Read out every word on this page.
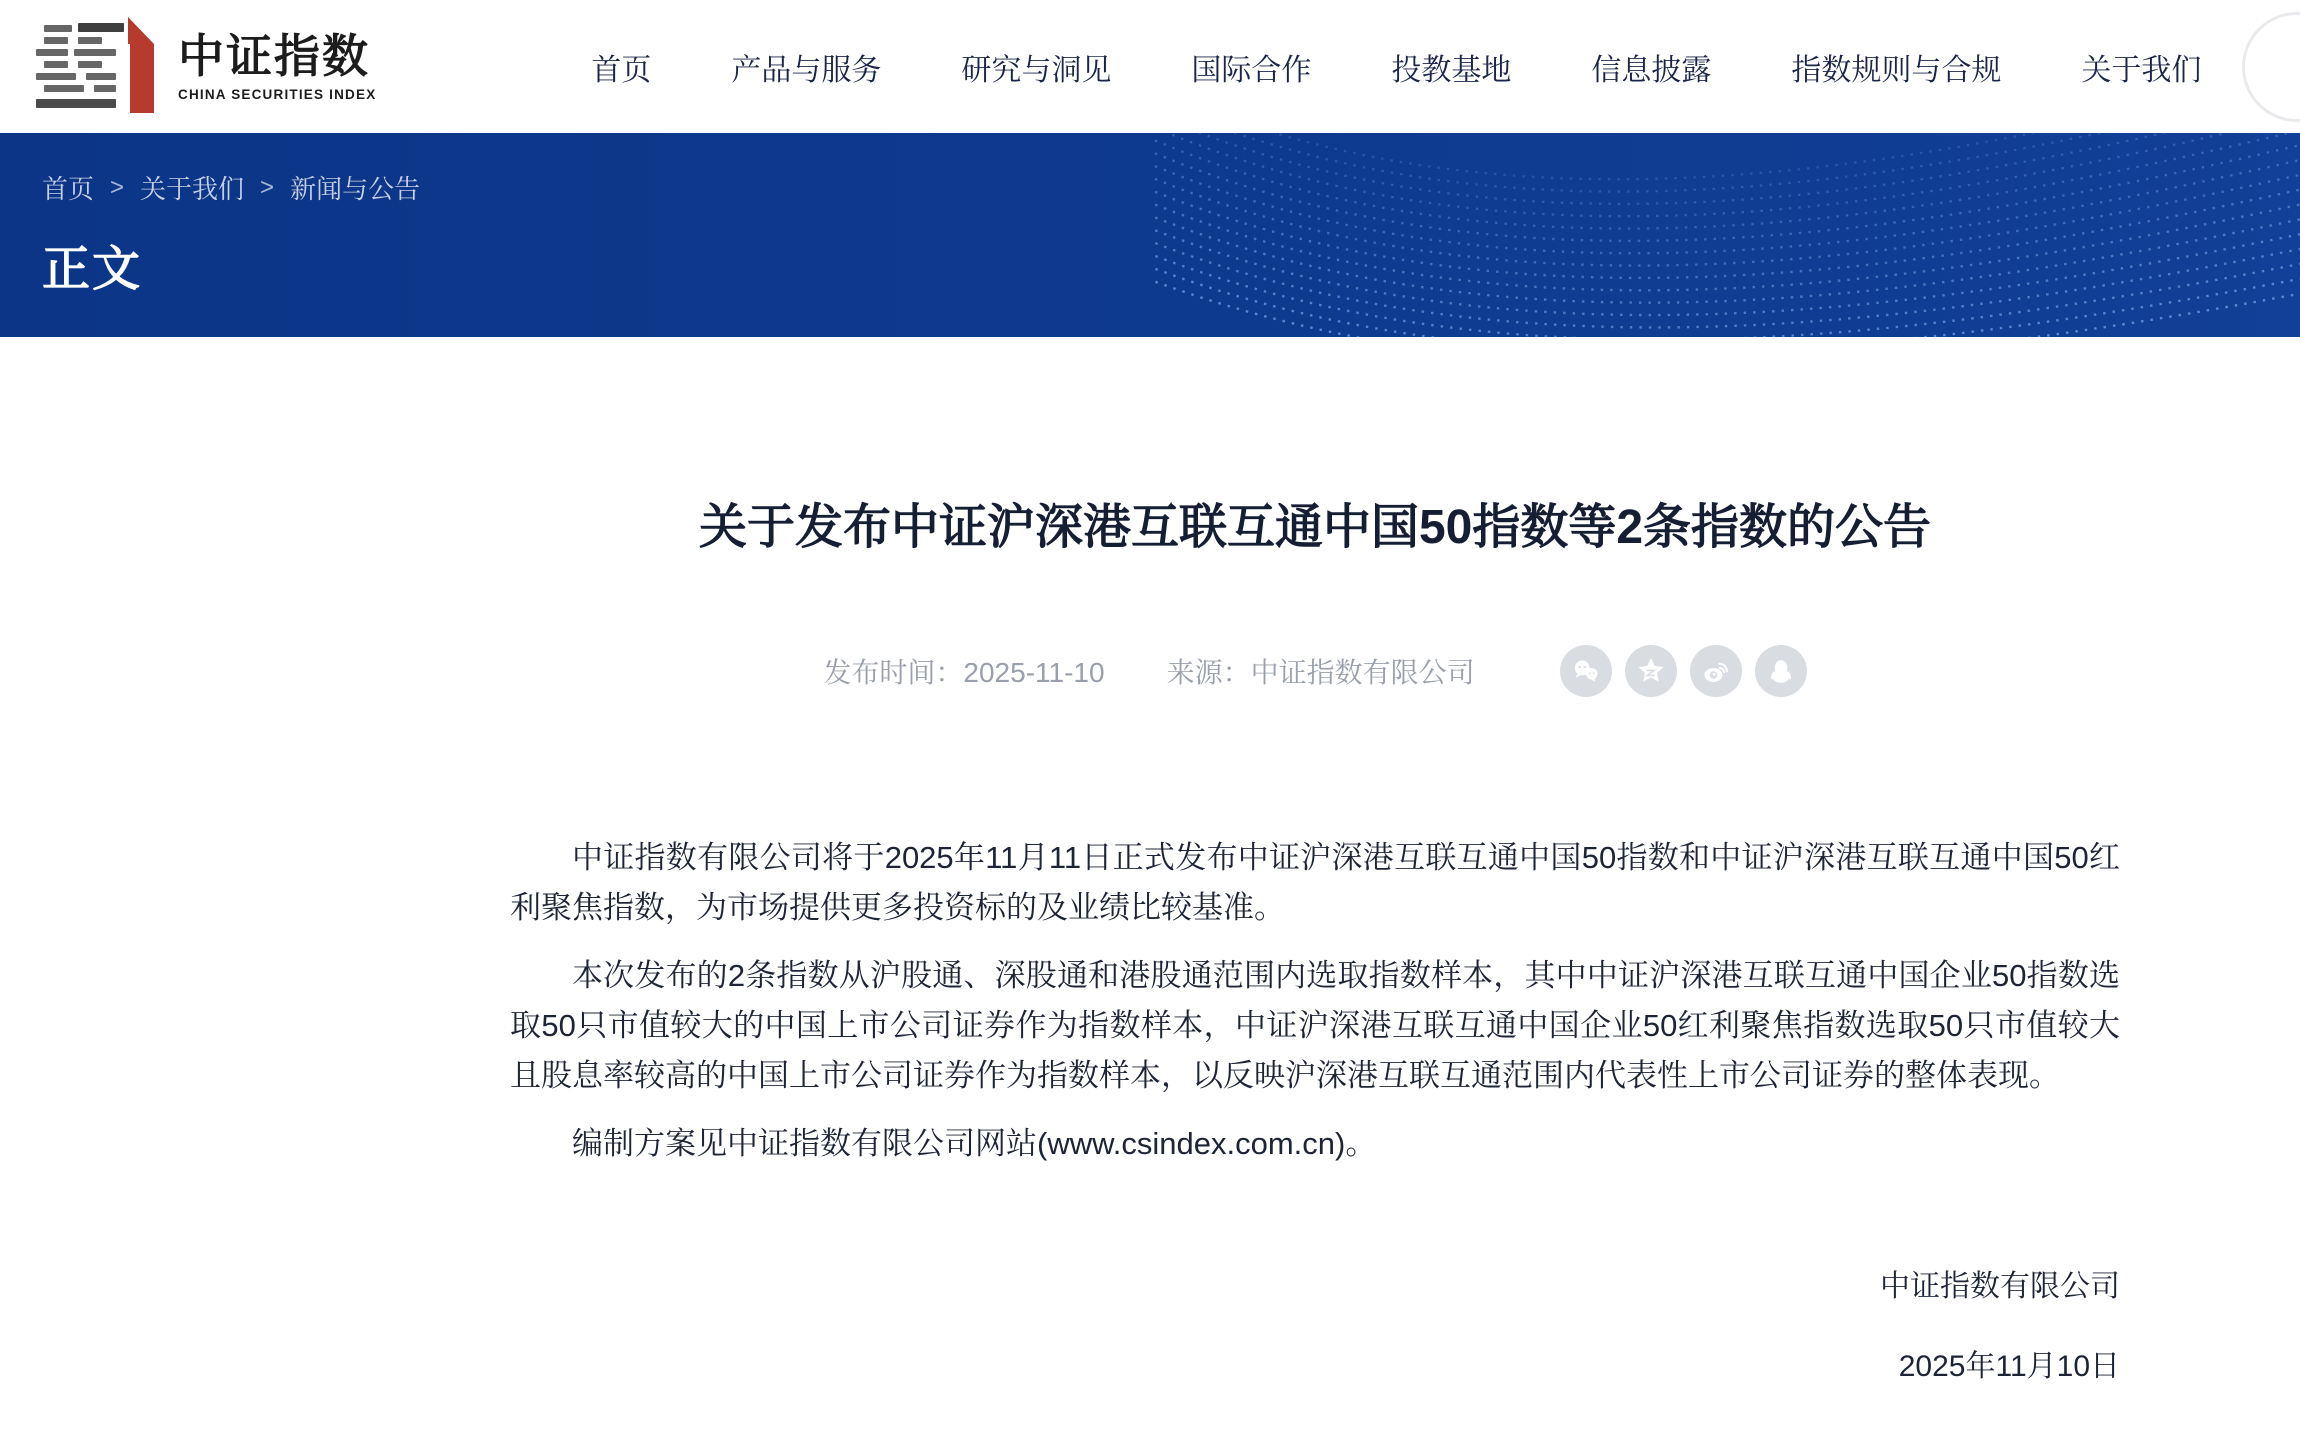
中证指数
CHINA SECURITIES INDEX
首页	产品与服务	研究与洞见	国际合作	投教基地	信息披露	指数规则与合规	关于我们
首页 > 关于我们 > 新闻与公告
正文
关于发布中证沪深港互联互通中国50指数等2条指数的公告
发布时间：2025-11-10 来源：中证指数有限公司

中证指数有限公司将于2025年11月11日正式发布中证沪深港互联互通中国50指数和中证沪深港互联互通中国50红利聚焦指数，为市场提供更多投资标的及业绩比较基准。

本次发布的2条指数从沪股通、深股通和港股通范围内选取指数样本，其中中证沪深港互联互通中国企业50指数选取50只市值较大的中国上市公司证券作为指数样本，中证沪深港互联互通中国企业50红利聚焦指数选取50只市值较大且股息率较高的中国上市公司证券作为指数样本，以反映沪深港互联互通范围内代表性上市公司证券的整体表现。

编制方案见中证指数有限公司网站(www.csindex.com.cn)。

中证指数有限公司
2025年11月10日
